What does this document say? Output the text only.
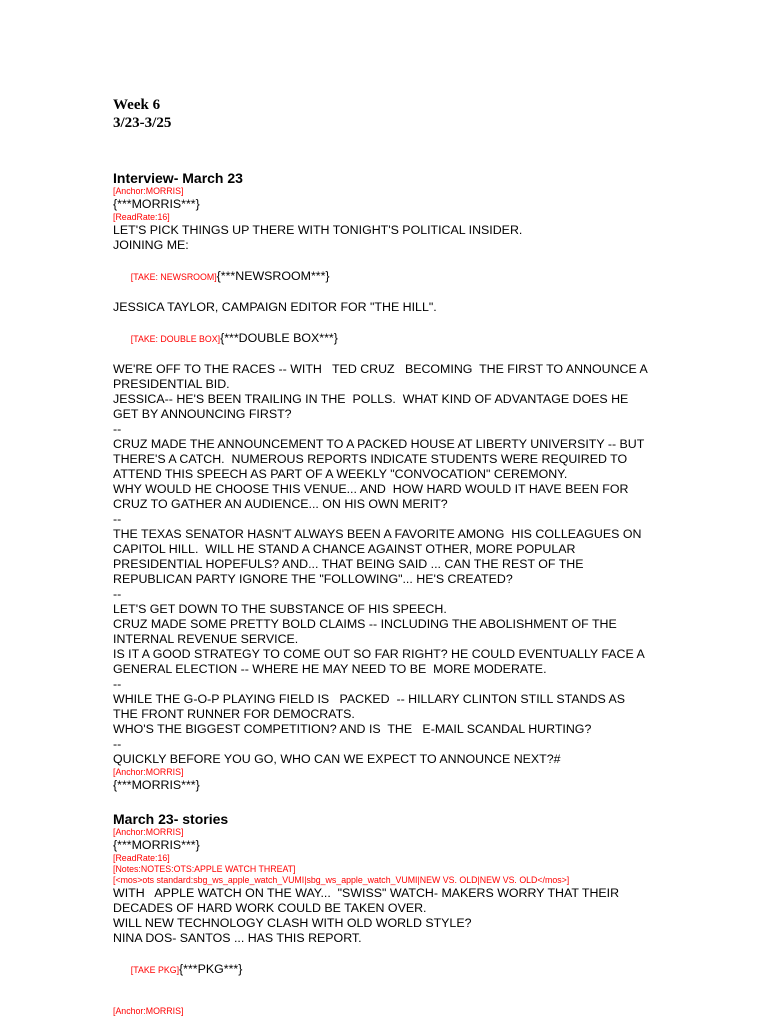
Week 6
3/23-3/25
Interview- March 23
[Anchor:MORRIS]
{***MORRIS***}
[ReadRate:16]
LET'S PICK THINGS UP THERE WITH TONIGHT'S POLITICAL INSIDER.
JOINING ME:

[TAKE: NEWSROOM]{***NEWSROOM***}

JESSICA TAYLOR, CAMPAIGN EDITOR FOR "THE HILL".

[TAKE: DOUBLE BOX]{***DOUBLE BOX***}

WE'RE OFF TO THE RACES -- WITH   TED CRUZ   BECOMING  THE FIRST TO ANNOUNCE A
PRESIDENTIAL BID.
JESSICA-- HE'S BEEN TRAILING IN THE  POLLS.  WHAT KIND OF ADVANTAGE DOES HE
GET BY ANNOUNCING FIRST?
--
CRUZ MADE THE ANNOUNCEMENT TO A PACKED HOUSE AT LIBERTY UNIVERSITY -- BUT
THERE'S A CATCH.  NUMEROUS REPORTS INDICATE STUDENTS WERE REQUIRED TO
ATTEND THIS SPEECH AS PART OF A WEEKLY "CONVOCATION" CEREMONY.
WHY WOULD HE CHOOSE THIS VENUE... AND  HOW HARD WOULD IT HAVE BEEN FOR
CRUZ TO GATHER AN AUDIENCE... ON HIS OWN MERIT?
--
THE TEXAS SENATOR HASN'T ALWAYS BEEN A FAVORITE AMONG  HIS COLLEAGUES ON
CAPITOL HILL.  WILL HE STAND A CHANCE AGAINST OTHER, MORE POPULAR
PRESIDENTIAL HOPEFULS? AND... THAT BEING SAID ... CAN THE REST OF THE
REPUBLICAN PARTY IGNORE THE "FOLLOWING"... HE'S CREATED?
--
LET'S GET DOWN TO THE SUBSTANCE OF HIS SPEECH.
CRUZ MADE SOME PRETTY BOLD CLAIMS -- INCLUDING THE ABOLISHMENT OF THE
INTERNAL REVENUE SERVICE.
IS IT A GOOD STRATEGY TO COME OUT SO FAR RIGHT? HE COULD EVENTUALLY FACE A
GENERAL ELECTION -- WHERE HE MAY NEED TO BE  MORE MODERATE.
--
WHILE THE G-O-P PLAYING FIELD IS   PACKED  -- HILLARY CLINTON STILL STANDS AS
THE FRONT RUNNER FOR DEMOCRATS.
WHO'S THE BIGGEST COMPETITION? AND IS  THE   E-MAIL SCANDAL HURTING?
--
QUICKLY BEFORE YOU GO, WHO CAN WE EXPECT TO ANNOUNCE NEXT?#
[Anchor:MORRIS]
{***MORRIS***}
March 23- stories
[Anchor:MORRIS]
{***MORRIS***}
[ReadRate:16]
[Notes:NOTES:OTS:APPLE WATCH THREAT]
[<mos>ots standard:sbg_ws_apple_watch_VUMI|sbg_ws_apple_watch_VUMI|NEW VS. OLD|NEW VS. OLD</mos>]
WITH   APPLE WATCH ON THE WAY...  "SWISS" WATCH- MAKERS WORRY THAT THEIR
DECADES OF HARD WORK COULD BE TAKEN OVER.
WILL NEW TECHNOLOGY CLASH WITH OLD WORLD STYLE?
NINA DOS- SANTOS ... HAS THIS REPORT.

[TAKE PKG]{***PKG***}

[Anchor:MORRIS]
